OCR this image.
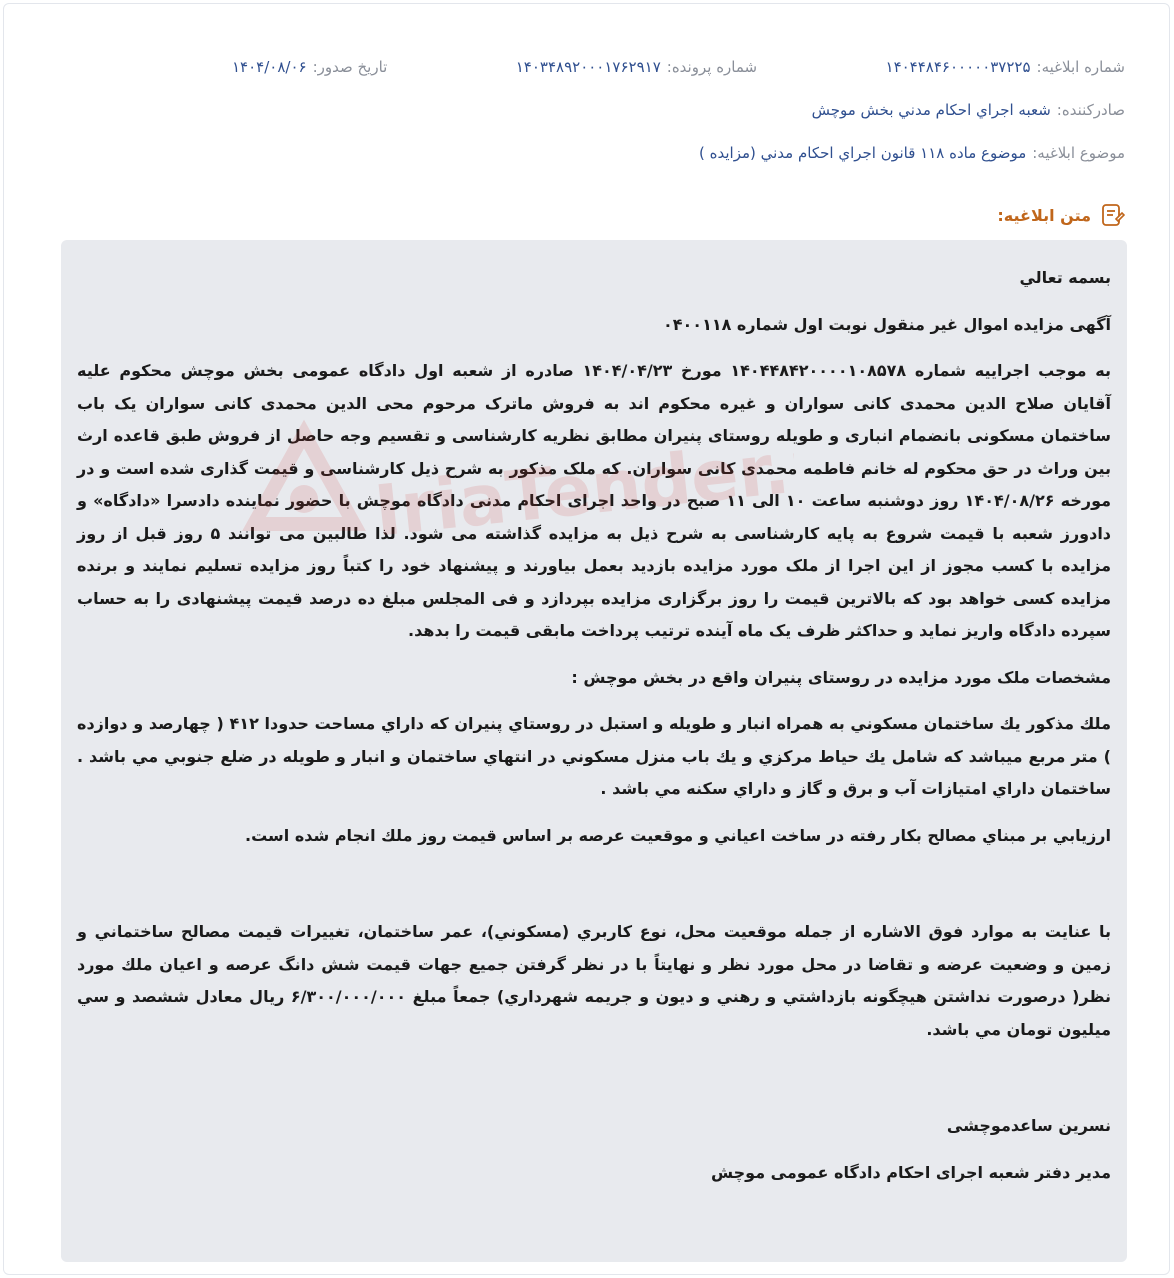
شماره ابلاغیه:
۱۴۰۴۴۸۴۶۰۰۰۰۰۳۷۲۲۵
شماره پرونده:
۱۴۰۳۴۸۹۲۰۰۰۱۷۶۲۹۱۷
تاریخ صدور:
۱۴۰۴/۰۸/۰۶
صادرکننده:
شعبه اجراي احكام مدني بخش موچش
موضوع ابلاغیه:
موضوع ماده ۱۱۸ قانون اجراي احكام مدني (مزايده )
متن ابلاغیه:

بسمه تعالي

آگهی مزایده اموال غیر منقول نوبت اول شماره ۰۴۰۰۱۱۸

به موجب اجراییه شماره ۱۴۰۴۴۸۴۲۰۰۰۰۱۰۸۵۷۸ مورخ ۱۴۰۴/۰۴/۲۳ صادره از شعبه اول دادگاه عمومی بخش موچش محکوم علیه آقایان صلاح الدین محمدی کانی سواران و غیره محکوم اند به فروش ماترک مرحوم محی الدین محمدی کانی سواران یک باب ساختمان مسکونی بانضمام انباری و طویله روستای پنیران مطابق نظریه کارشناسی و تقسیم وجه حاصل از فروش طبق قاعده ارث بین وراث در حق محکوم له خانم فاطمه محمدی کانی سواران. که ملک مذکور به شرح ذیل کارشناسی و قیمت گذاری شده است و در مورخه ۱۴۰۴/۰۸/۲۶ روز دوشنبه ساعت ۱۰ الی ۱۱ صبح در واحد اجرای احکام مدنی دادگاه موچش با حضور نماینده دادسرا «دادگاه» و دادورز شعبه با قیمت شروع به پایه کارشناسی به شرح ذیل به مزایده گذاشته می شود. لذا طالبین می توانند ۵ روز قبل از روز مزایده با کسب مجوز از این اجرا از ملک مورد مزایده بازدید بعمل بیاورند و پیشنهاد خود را کتباً روز مزایده تسلیم نمایند و برنده مزایده کسی خواهد بود که بالاترین قیمت را روز برگزاری مزایده بپردازد و فی المجلس مبلغ ده درصد قیمت پیشنهادی را به حساب سپرده دادگاه واریز نماید و حداکثر ظرف یک ماه آینده ترتیب پرداخت مابقی قیمت را بدهد.

مشخصات ملک مورد مزایده در روستای پنیران واقع در بخش موچش :

ملك مذكور يك ساختمان مسكوني به همراه انبار و طويله و استبل در روستاي پنيران كه داراي مساحت حدودا ۴۱۲ ( چهارصد و دوازده ) متر مربع ميباشد كه شامل يك حياط مركزي و يك باب منزل مسكوني در انتهاي ساختمان و انبار و طويله در ضلع جنوبي مي باشد . ساختمان داراي امتيازات آب و برق و گاز و داراي سكنه مي باشد .

ارزيابي بر مبناي مصالح بكار رفته در ساخت اعياني و موقعيت عرصه بر اساس قيمت روز ملك انجام شده است.

با عنايت به موارد فوق الاشاره از جمله موقعيت محل، نوع كاربري (مسكوني)، عمر ساختمان، تغييرات قيمت مصالح ساختماني و زمين و وضعيت عرضه و تقاضا در محل مورد نظر و نهايتاً با در نظر گرفتن جميع جهات قيمت شش دانگ عرصه و اعيان ملك مورد نظر( درصورت نداشتن هيچگونه بازداشتي و رهني و ديون و جريمه شهرداري) جمعاً مبلغ ۶/۳۰۰/۰۰۰/۰۰۰ ريال معادل ششصد و سي ميليون تومان مي باشد.

نسرین ساعدموچشی

مدیر دفتر شعبه اجرای احکام دادگاه عمومی موچش
